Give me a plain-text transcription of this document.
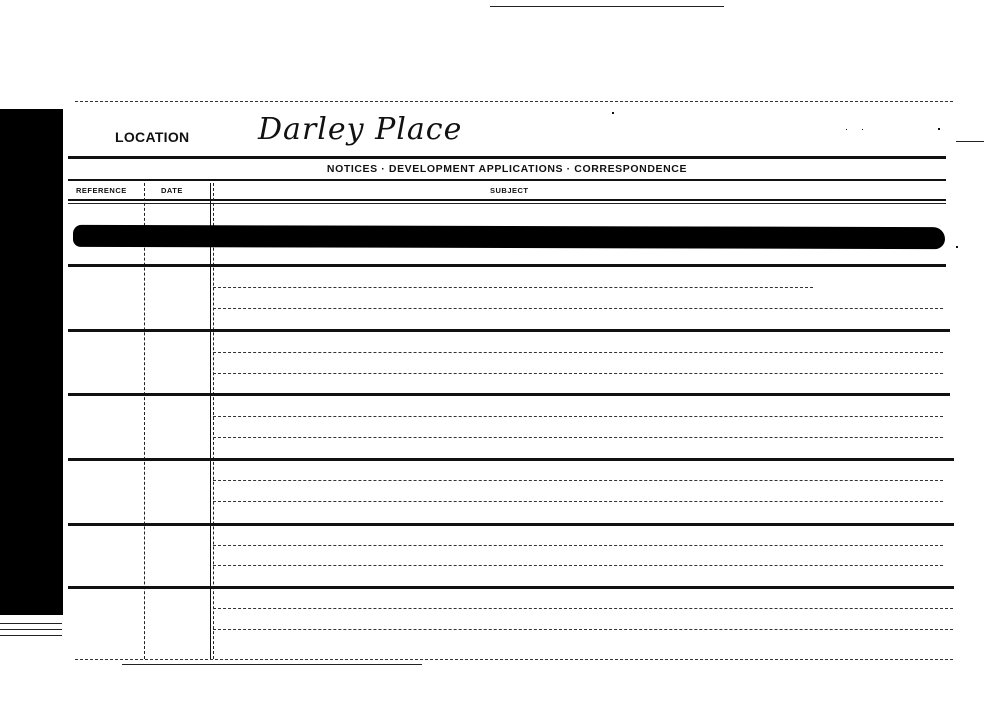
LOCATION Darley Place
NOTICES · DEVELOPMENT APPLICATIONS · CORRESPONDENCE
REFERENCE	DATE	SUBJECT
